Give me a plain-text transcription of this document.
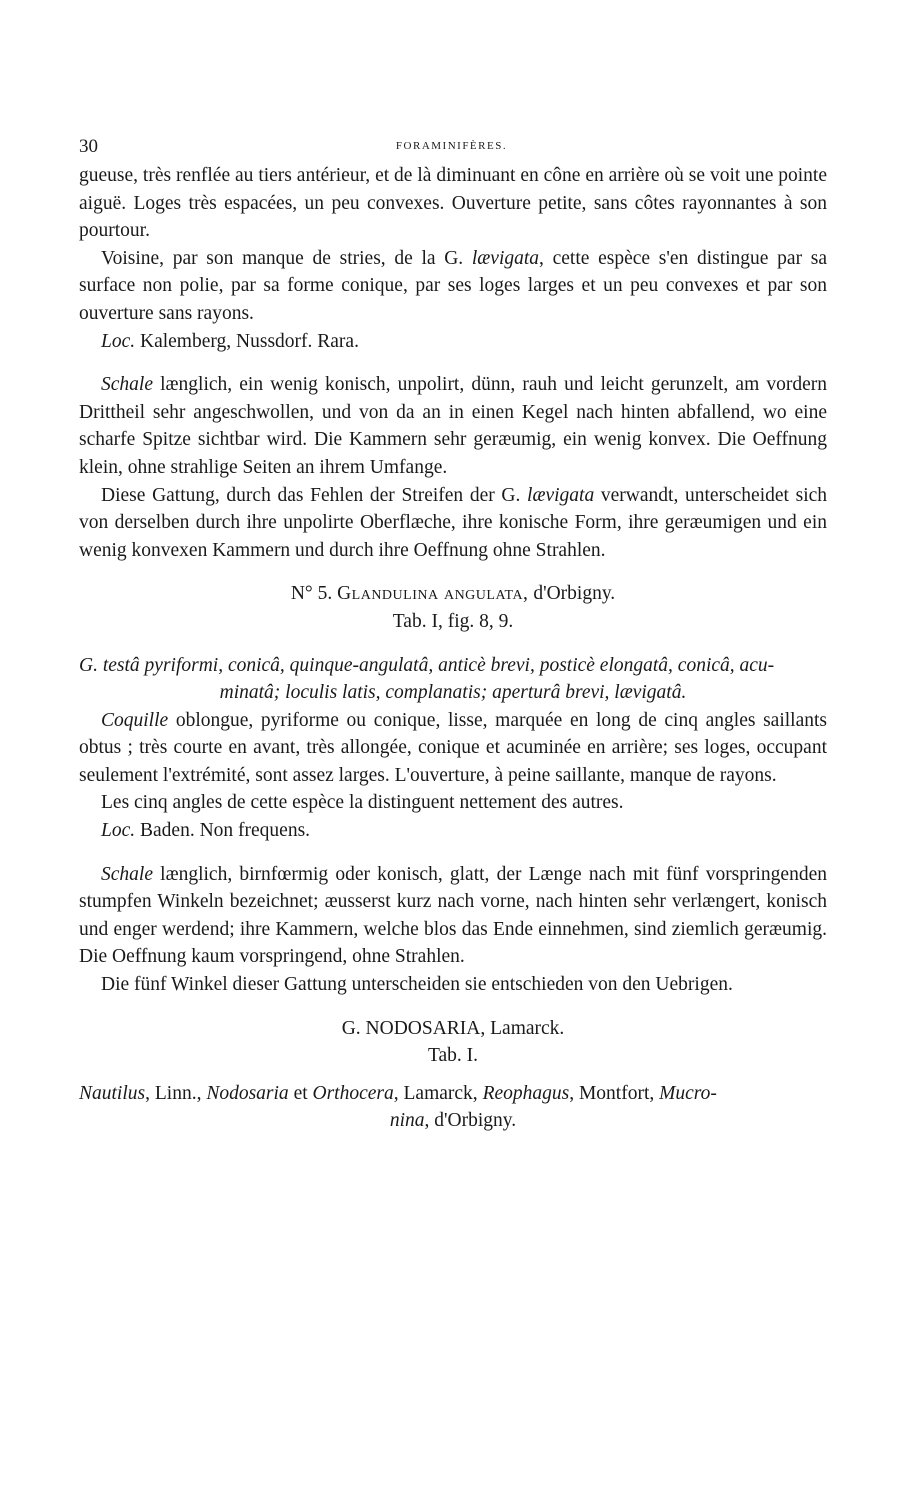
30	FORAMINIFÈRES.

gueuse, très renflée au tiers antérieur, et de là diminuant en cône en arrière où se voit une pointe aiguë. Loges très espacées, un peu convexes. Ouverture petite, sans côtes rayonnantes à son pourtour.

Voisine, par son manque de stries, de la G. lævigata, cette espèce s'en distingue par sa surface non polie, par sa forme conique, par ses loges larges et un peu convexes et par son ouverture sans rayons.

Loc. Kalemberg, Nussdorf. Rara.

Schale længlich, ein wenig konisch, unpolirt, dünn, rauh und leicht gerunzelt, am vordern Drittheil sehr angeschwollen, und von da an in einen Kegel nach hinten abfallend, wo eine scharfe Spitze sichtbar wird. Die Kammern sehr geræumig, ein wenig konvex. Die Oeffnung klein, ohne strahlige Seiten an ihrem Umfange.

Diese Gattung, durch das Fehlen der Streifen der G. lævigata verwandt, unterscheidet sich von derselben durch ihre unpolirte Oberflæche, ihre konische Form, ihre geræumigen und ein wenig konvexen Kammern und durch ihre Oeffnung ohne Strahlen.

N° 5. Glandulina angulata, d'Orbigny.

Tab. I, fig. 8, 9.

G. testâ pyriformi, conicâ, quinque-angulatâ, anticè brevi, posticè elongatâ, conicâ, acu-
minatâ; loculis latis, complanatis; aperturâ brevi, lævigatâ.

Coquille oblongue, pyriforme ou conique, lisse, marquée en long de cinq angles saillants obtus ; très courte en avant, très allongée, conique et acuminée en arrière; ses loges, occupant seulement l'extrémité, sont assez larges. L'ouverture, à peine saillante, manque de rayons.

Les cinq angles de cette espèce la distinguent nettement des autres.

Loc. Baden. Non frequens.

Schale længlich, birnfœrmig oder konisch, glatt, der Længe nach mit fünf vorspringenden stumpfen Winkeln bezeichnet; æusserst kurz nach vorne, nach hinten sehr verlængert, konisch und enger werdend; ihre Kammern, welche blos das Ende einnehmen, sind ziemlich geræumig. Die Oeffnung kaum vorspringend, ohne Strahlen.

Die fünf Winkel dieser Gattung unterscheiden sie entschieden von den Uebrigen.

G. NODOSARIA, Lamarck.

Tab. I.

Nautilus, Linn., Nodosaria et Orthocera, Lamarck, Reophagus, Montfort, Mucro-

nina, d'Orbigny.
